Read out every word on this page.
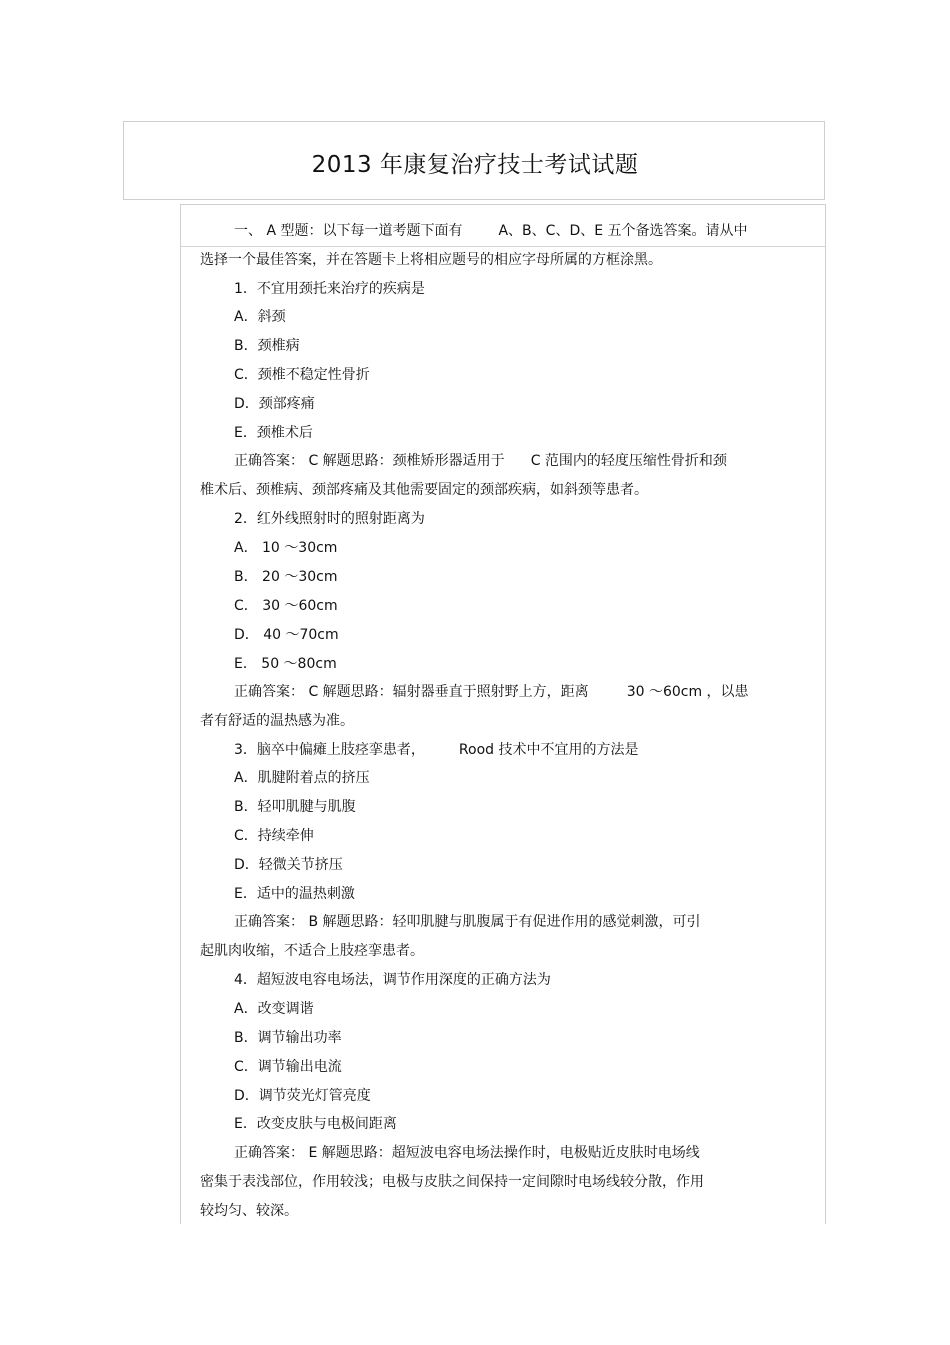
2013 年康复治疗技士考试试题
一、 A 型题：以下每一道考题下面有	A、B、C、D、E 五个备选答案。请从中
选择一个最佳答案，并在答题卡上将相应题号的相应字母所属的方框涂黑。
1．不宜用颈托来治疗的疾病是
A．斜颈
B．颈椎病
C．颈椎不稳定性骨折
D．颈部疼痛
E．颈椎术后
正确答案： C 解题思路：颈椎矫形器适用于 C 范围内的轻度压缩性骨折和颈
椎术后、颈椎病、颈部疼痛及其他需要固定的颈部疾病，如斜颈等患者。
2．红外线照射时的照射距离为
A． 10 ～30cm
B． 20 ～30cm
C． 30 ～60cm
D． 40 ～70cm
E． 50 ～80cm
正确答案： C 解题思路：辐射器垂直于照射野上方，距离	30 ～60cm ，以患
者有舒适的温热感为准。
3．脑卒中偏瘫上肢痉挛患者， Rood 技术中不宜用的方法是
A．肌腱附着点的挤压
B．轻叩肌腱与肌腹
C．持续牵伸
D．轻微关节挤压
E．适中的温热刺激
正确答案： B 解题思路：轻叩肌腱与肌腹属于有促进作用的感觉刺激，可引
起肌肉收缩，不适合上肢痉挛患者。
4．超短波电容电场法，调节作用深度的正确方法为
A．改变调谐
B．调节输出功率
C．调节输出电流
D．调节荧光灯管亮度
E．改变皮肤与电极间距离
正确答案： E 解题思路：超短波电容电场法操作时，电极贴近皮肤时电场线
密集于表浅部位，作用较浅；电极与皮肤之间保持一定间隙时电场线较分散，作用
较均匀、较深。
